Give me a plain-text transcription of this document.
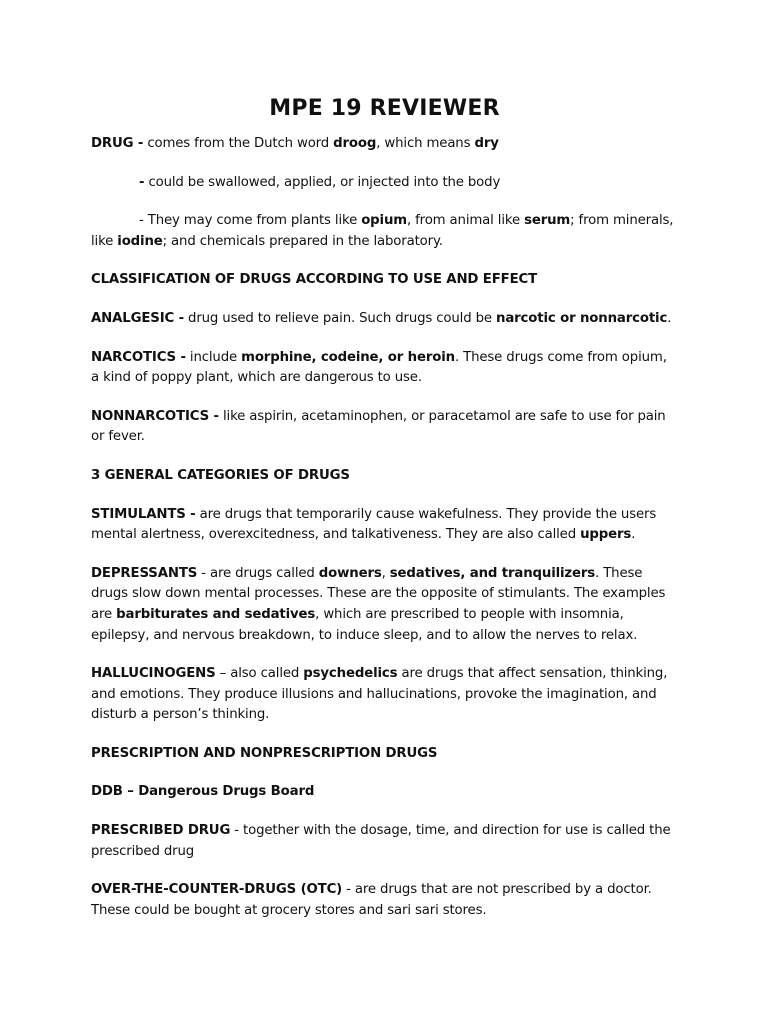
MPE 19 REVIEWER

DRUG - comes from the Dutch word droog, which means dry

- could be swallowed, applied, or injected into the body

- They may come from plants like opium, from animal like serum; from minerals, like iodine; and chemicals prepared in the laboratory.

CLASSIFICATION OF DRUGS ACCORDING TO USE AND EFFECT

ANALGESIC - drug used to relieve pain. Such drugs could be narcotic or nonnarcotic.

NARCOTICS - include morphine, codeine, or heroin. These drugs come from opium, a kind of poppy plant, which are dangerous to use.

NONNARCOTICS - like aspirin, acetaminophen, or paracetamol are safe to use for pain or fever.

3 GENERAL CATEGORIES OF DRUGS

STIMULANTS - are drugs that temporarily cause wakefulness. They provide the users mental alertness, overexcitedness, and talkativeness. They are also called uppers.

DEPRESSANTS - are drugs called downers, sedatives, and tranquilizers. These drugs slow down mental processes. These are the opposite of stimulants. The examples are barbiturates and sedatives, which are prescribed to people with insomnia, epilepsy, and nervous breakdown, to induce sleep, and to allow the nerves to relax.

HALLUCINOGENS – also called psychedelics are drugs that affect sensation, thinking, and emotions. They produce illusions and hallucinations, provoke the imagination, and disturb a person’s thinking.

PRESCRIPTION AND NONPRESCRIPTION DRUGS

DDB – Dangerous Drugs Board

PRESCRIBED DRUG - together with the dosage, time, and direction for use is called the prescribed drug

OVER-THE-COUNTER-DRUGS (OTC) - are drugs that are not prescribed by a doctor. These could be bought at grocery stores and sari sari stores.
